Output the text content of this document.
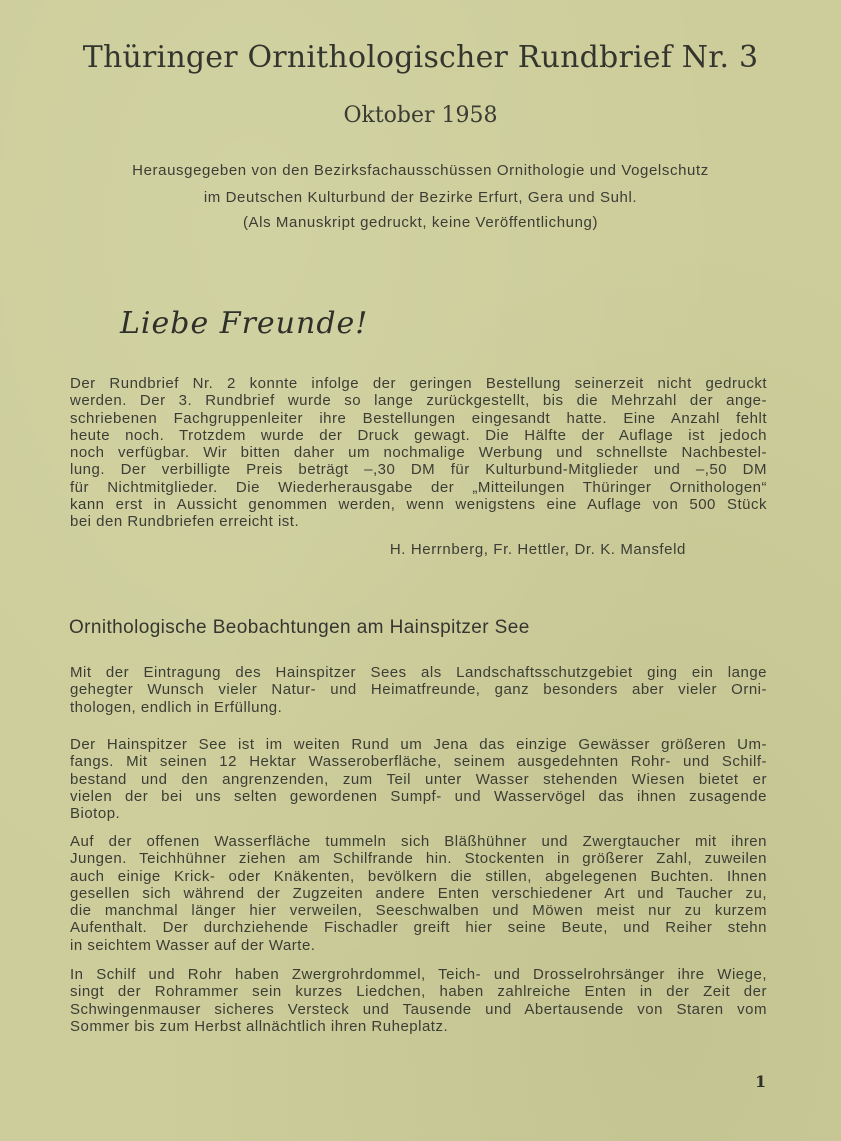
Thüringer Ornithologischer Rundbrief Nr. 3
Oktober 1958
Herausgegeben von den Bezirksfachausschüssen Ornithologie und Vogelschutz
im Deutschen Kulturbund der Bezirke Erfurt, Gera und Suhl.
(Als Manuskript gedruckt, keine Veröffentlichung)
Liebe Freunde!
Der Rundbrief Nr. 2 konnte infolge der geringen Bestellung seinerzeit nicht gedruckt
werden. Der 3. Rundbrief wurde so lange zurückgestellt, bis die Mehrzahl der ange-
schriebenen Fachgruppenleiter ihre Bestellungen eingesandt hatte. Eine Anzahl fehlt
heute noch. Trotzdem wurde der Druck gewagt. Die Hälfte der Auflage ist jedoch
noch verfügbar. Wir bitten daher um nochmalige Werbung und schnellste Nachbestel-
lung. Der verbilligte Preis beträgt –,30 DM für Kulturbund-Mitglieder und –,50 DM
für Nichtmitglieder. Die Wiederherausgabe der „Mitteilungen Thüringer Ornithologen“
kann erst in Aussicht genommen werden, wenn wenigstens eine Auflage von 500 Stück
bei den Rundbriefen erreicht ist.
H. Herrnberg, Fr. Hettler, Dr. K. Mansfeld
Ornithologische Beobachtungen am Hainspitzer See
Mit der Eintragung des Hainspitzer Sees als Landschaftsschutzgebiet ging ein lange
gehegter Wunsch vieler Natur- und Heimatfreunde, ganz besonders aber vieler Orni-
thologen, endlich in Erfüllung.
Der Hainspitzer See ist im weiten Rund um Jena das einzige Gewässer größeren Um-
fangs. Mit seinen 12 Hektar Wasseroberfläche, seinem ausgedehnten Rohr- und Schilf-
bestand und den angrenzenden, zum Teil unter Wasser stehenden Wiesen bietet er
vielen der bei uns selten gewordenen Sumpf- und Wasservögel das ihnen zusagende
Biotop.
Auf der offenen Wasserfläche tummeln sich Bläßhühner und Zwergtaucher mit ihren
Jungen. Teichhühner ziehen am Schilfrande hin. Stockenten in größerer Zahl, zuweilen
auch einige Krick- oder Knäkenten, bevölkern die stillen, abgelegenen Buchten. Ihnen
gesellen sich während der Zugzeiten andere Enten verschiedener Art und Taucher zu,
die manchmal länger hier verweilen, Seeschwalben und Möwen meist nur zu kurzem
Aufenthalt. Der durchziehende Fischadler greift hier seine Beute, und Reiher stehn
in seichtem Wasser auf der Warte.
In Schilf und Rohr haben Zwergrohrdommel, Teich- und Drosselrohrsänger ihre Wiege,
singt der Rohrammer sein kurzes Liedchen, haben zahlreiche Enten in der Zeit der
Schwingenmauser sicheres Versteck und Tausende und Abertausende von Staren vom
Sommer bis zum Herbst allnächtlich ihren Ruheplatz.
1
